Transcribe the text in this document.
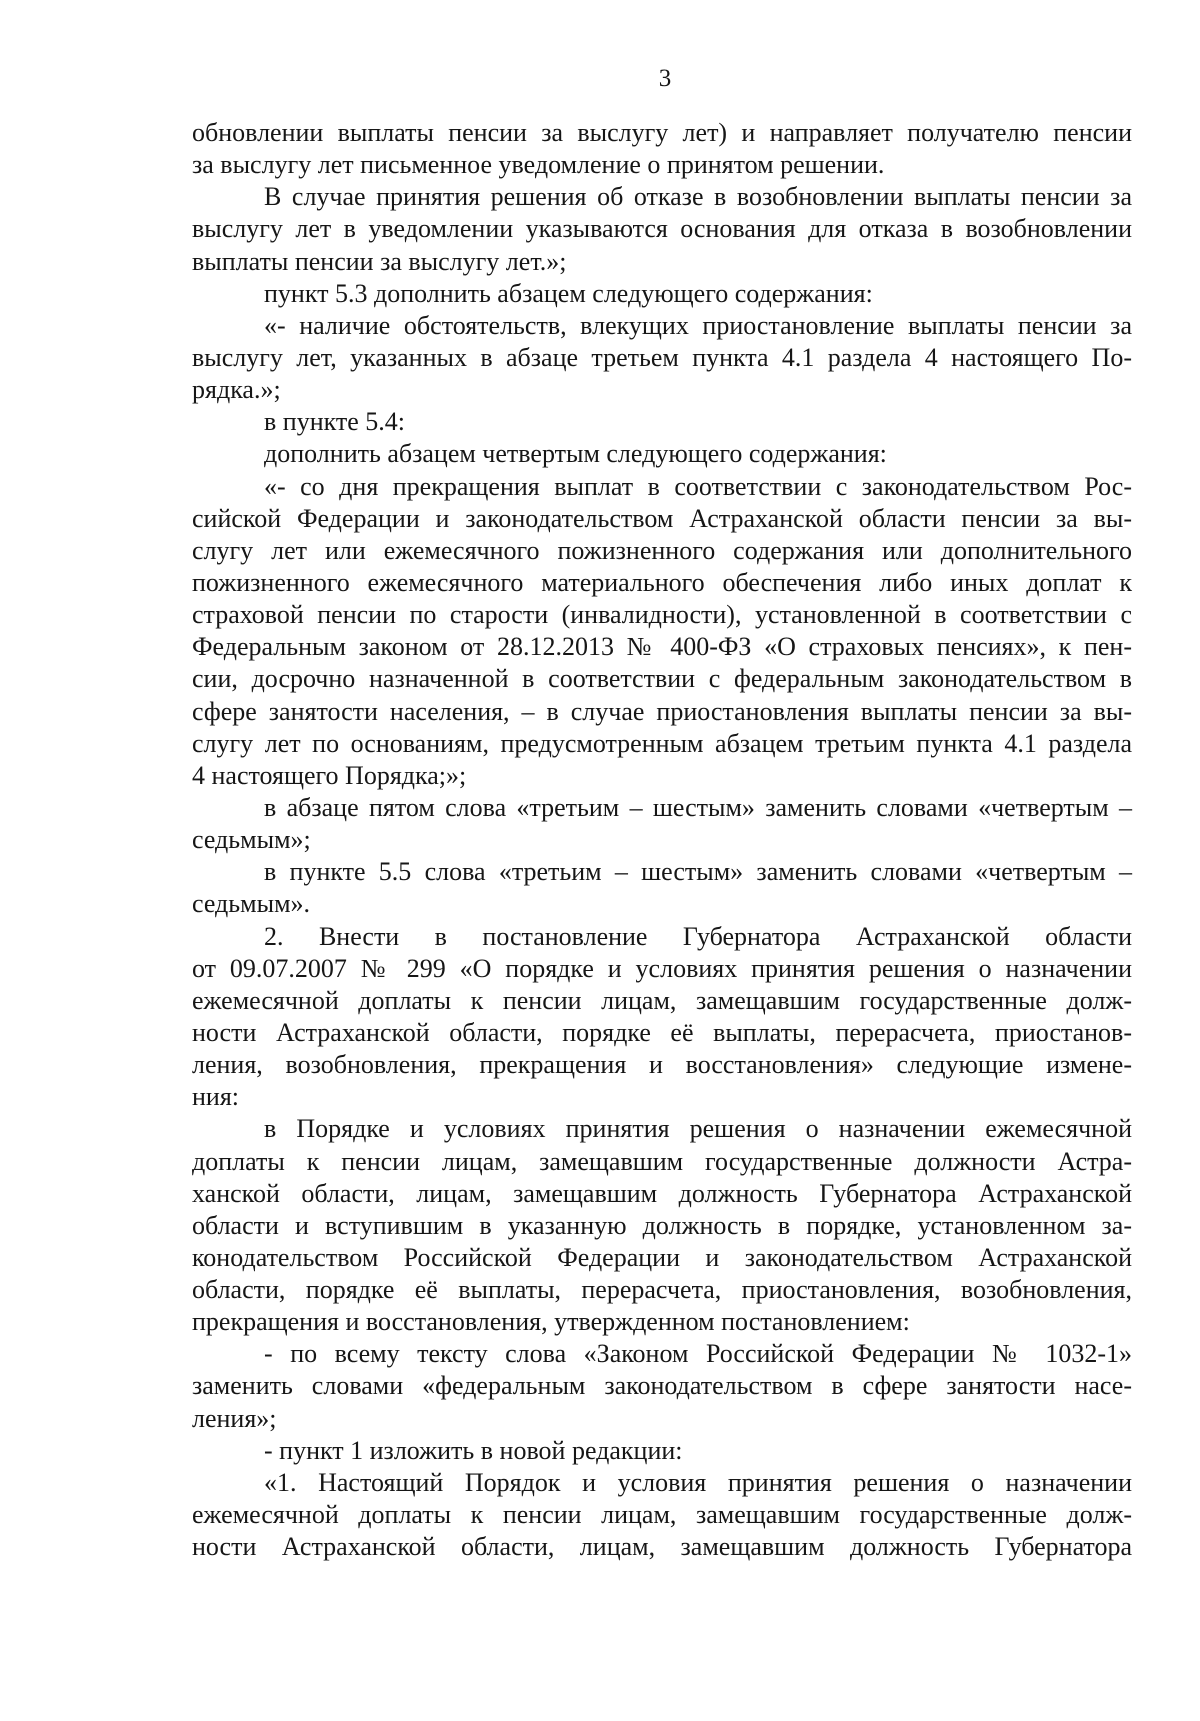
3
обновлении выплаты пенсии за выслугу лет) и направляет получателю пенсии
за выслугу лет письменное уведомление о принятом решении.
В случае принятия решения об отказе в возобновлении выплаты пенсии за
выслугу лет в уведомлении указываются основания для отказа в возобновлении
выплаты пенсии за выслугу лет.»;
пункт 5.3 дополнить абзацем следующего содержания:
«- наличие обстоятельств, влекущих приостановление выплаты пенсии за
выслугу лет, указанных в абзаце третьем пункта 4.1 раздела 4 настоящего По-
рядка.»;
в пункте 5.4:
дополнить абзацем четвертым следующего содержания:
«- со дня прекращения выплат в соответствии с законодательством Рос-
сийской Федерации и законодательством Астраханской области пенсии за вы-
слугу лет или ежемесячного пожизненного содержания или дополнительного
пожизненного ежемесячного материального обеспечения либо иных доплат к
страховой пенсии по старости (инвалидности), установленной в соответствии с
Федеральным законом от 28.12.2013 № 400-ФЗ «О страховых пенсиях», к пен-
сии, досрочно назначенной в соответствии с федеральным законодательством в
сфере занятости населения, – в случае приостановления выплаты пенсии за вы-
слугу лет по основаниям, предусмотренным абзацем третьим пункта 4.1 раздела
4 настоящего Порядка;»;
в абзаце пятом слова «третьим – шестым» заменить словами «четвертым –
седьмым»;
в пункте 5.5 слова «третьим – шестым» заменить словами «четвертым –
седьмым».
2. Внести в постановление Губернатора Астраханской области
от 09.07.2007 № 299 «О порядке и условиях принятия решения о назначении
ежемесячной доплаты к пенсии лицам, замещавшим государственные долж-
ности Астраханской области, порядке её выплаты, перерасчета, приостанов-
ления, возобновления, прекращения и восстановления» следующие измене-
ния:
в Порядке и условиях принятия решения о назначении ежемесячной
доплаты к пенсии лицам, замещавшим государственные должности Астра-
ханской области, лицам, замещавшим должность Губернатора Астраханской
области и вступившим в указанную должность в порядке, установленном за-
конодательством Российской Федерации и законодательством Астраханской
области, порядке её выплаты, перерасчета, приостановления, возобновления,
прекращения и восстановления, утвержденном постановлением:
- по всему тексту слова «Законом Российской Федерации № 1032-1»
заменить словами «федеральным законодательством в сфере занятости насе-
ления»;
- пункт 1 изложить в новой редакции:
«1. Настоящий Порядок и условия принятия решения о назначении
ежемесячной доплаты к пенсии лицам, замещавшим государственные долж-
ности Астраханской области, лицам, замещавшим должность Губернатора
